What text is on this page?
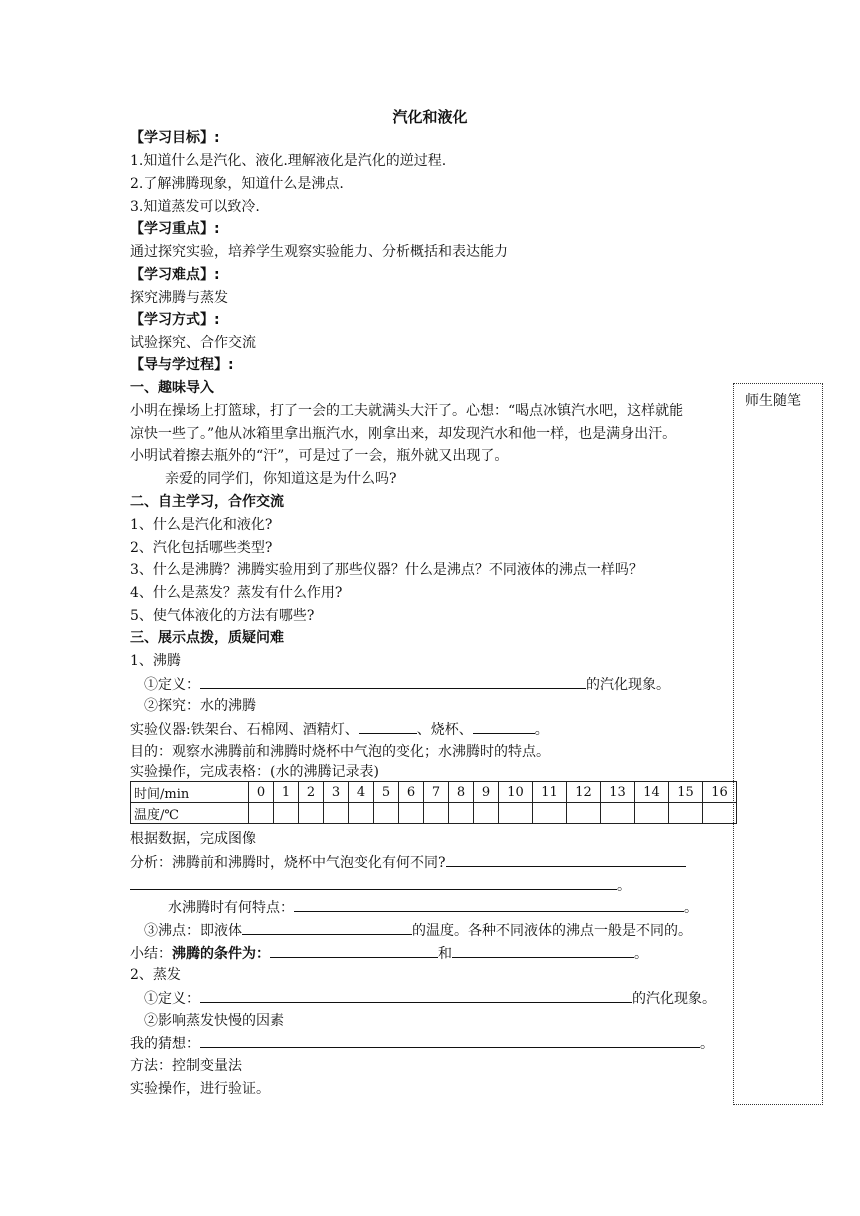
汽化和液化
【学习目标】:
1.知道什么是汽化、液化.理解液化是汽化的逆过程.
2.了解沸腾现象，知道什么是沸点.
3.知道蒸发可以致冷.
【学习重点】:
通过探究实验，培养学生观察实验能力、分析概括和表达能力
【学习难点】:
探究沸腾与蒸发
【学习方式】:
试验探究、合作交流
【导与学过程】:
师生随笔
一、趣味导入
小明在操场上打篮球，打了一会的工夫就满头大汗了。心想：“喝点冰镇汽水吧，这样就能
凉快一些了。”他从冰箱里拿出瓶汽水，刚拿出来，却发现汽水和他一样，也是满身出汗。
小明试着擦去瓶外的“汗”，可是过了一会，瓶外就又出现了。
亲爱的同学们，你知道这是为什么吗?
二、自主学习，合作交流
1、什么是汽化和液化?
2、汽化包括哪些类型?
3、什么是沸腾？沸腾实验用到了那些仪器？什么是沸点？不同液体的沸点一样吗？
4、什么是蒸发？蒸发有什么作用?
5、使气体液化的方法有哪些?
三、展示点拨，质疑问难
1、沸腾
①定义：	的汽化现象。
②探究：水的沸腾
实验仪器:铁架台、石棉网、酒精灯、	、烧杯、	。
目的：观察水沸腾前和沸腾时烧杯中气泡的变化；水沸腾时的特点。
实验操作，完成表格：(水的沸腾记录表)
时间/min	0	1	2	3	4	5	6	7	8	9	10	11	12	13	14	15	16
温度/℃																	
根据数据，完成图像
分析：沸腾前和沸腾时，烧杯中气泡变化有何不同?
。
水沸腾时有何特点：	。
③沸点：即液体	的温度。各种不同液体的沸点一般是不同的。
小结：沸腾的条件为：	和	。
2、蒸发
①定义：	的汽化现象。
②影响蒸发快慢的因素
我的猜想：	。
方法：控制变量法
实验操作，进行验证。
